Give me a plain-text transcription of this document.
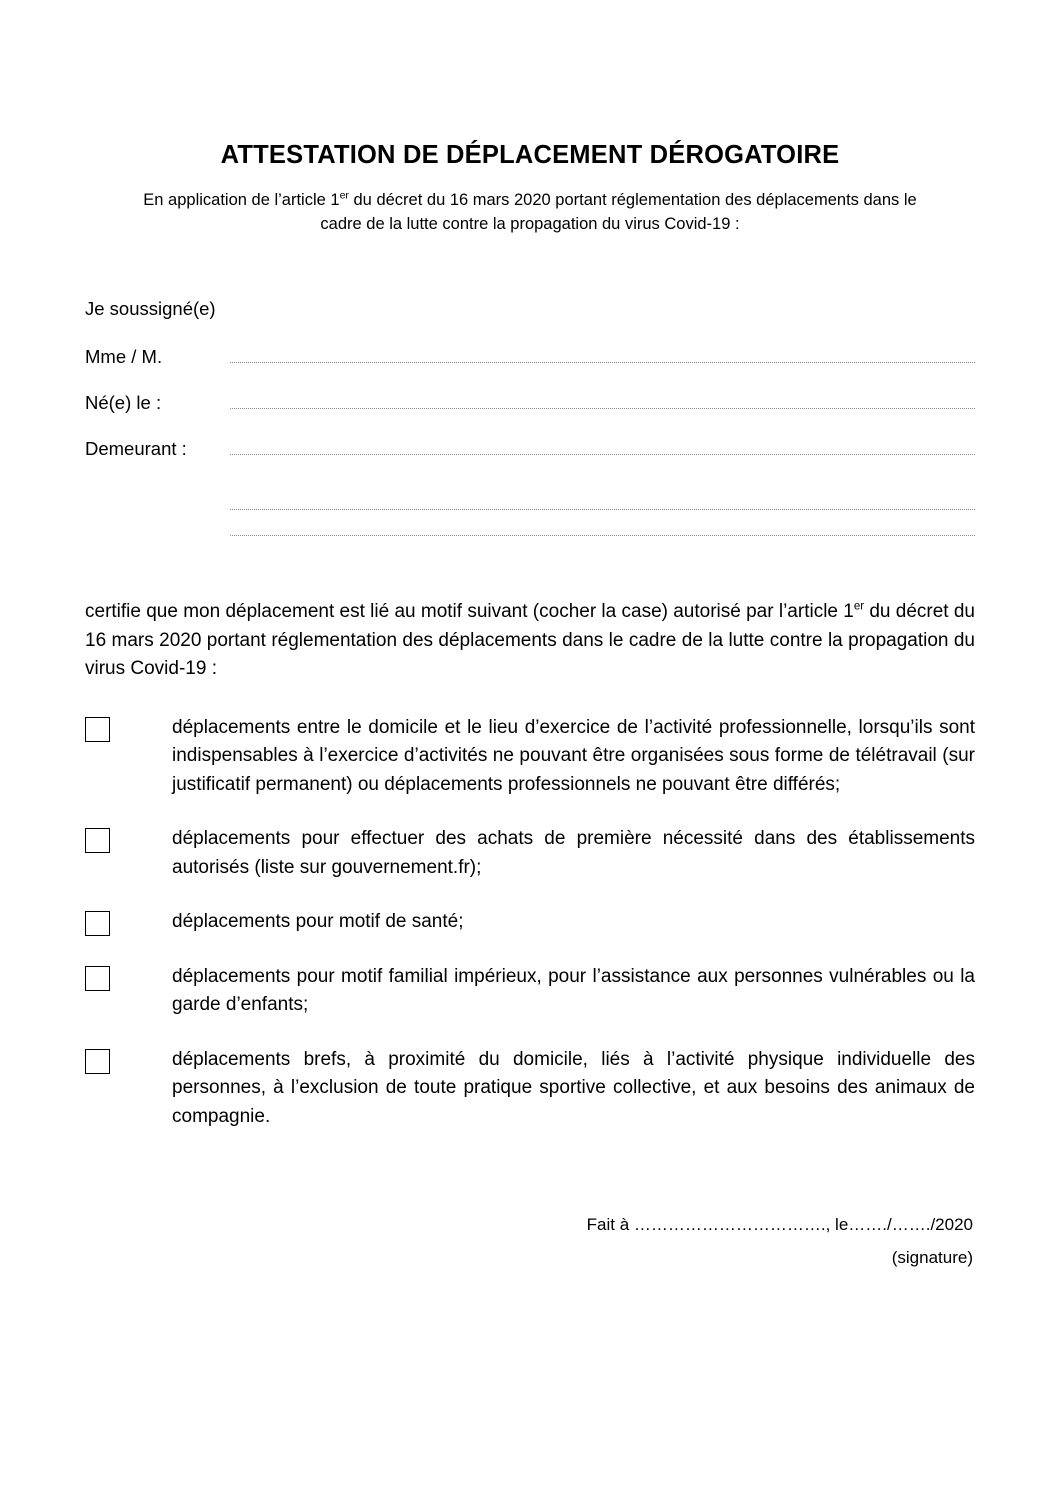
ATTESTATION DE DÉPLACEMENT DÉROGATOIRE

En application de l’article 1er du décret du 16 mars 2020 portant réglementation des déplacements dans le cadre de la lutte contre la propagation du virus Covid-19 :

Je soussigné(e)
Mme / M.
Né(e) le :
Demeurant :

certifie que mon déplacement est lié au motif suivant (cocher la case) autorisé par l’article 1er du décret du 16 mars 2020 portant réglementation des déplacements dans le cadre de la lutte contre la propagation du virus Covid-19 :

déplacements entre le domicile et le lieu d’exercice de l’activité professionnelle, lorsqu’ils sont indispensables à l’exercice d’activités ne pouvant être organisées sous forme de télétravail (sur justificatif permanent) ou déplacements professionnels ne pouvant être différés;
déplacements pour effectuer des achats de première nécessité dans des établissements autorisés (liste sur gouvernement.fr);
déplacements pour motif de santé;
déplacements pour motif familial impérieux, pour l’assistance aux personnes vulnérables ou la garde d’enfants;
déplacements brefs, à proximité du domicile, liés à l’activité physique individuelle des personnes, à l’exclusion de toute pratique sportive collective, et aux besoins des animaux de compagnie.
Fait à ……………………………., le……./……./2020
(signature)
